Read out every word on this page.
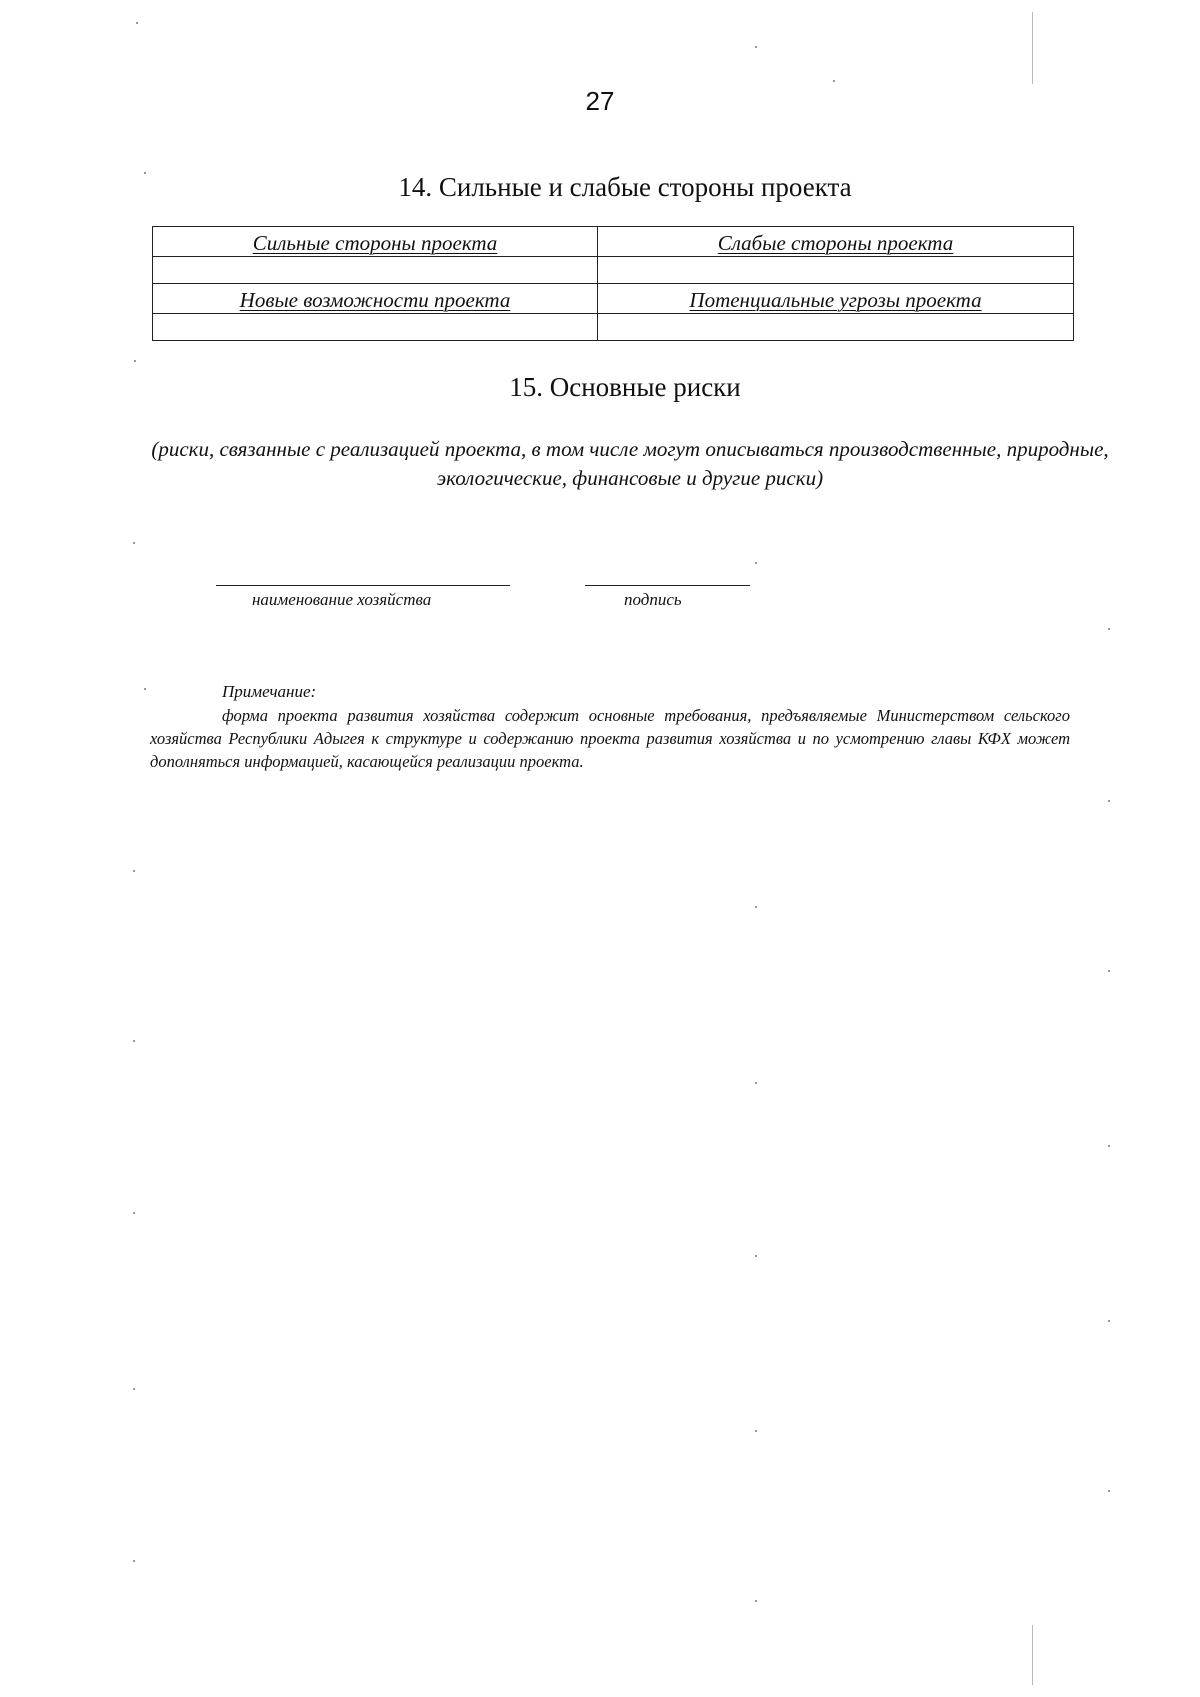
27
14. Сильные и слабые стороны проекта
Сильные стороны проекта	Слабые стороны проекта

Новые возможности проекта	Потенциальные угрозы проекта

15. Основные риски
(риски, связанные с реализацией проекта, в том числе могут описываться производственные, природные, экологические, финансовые и другие риски)
наименование хозяйства	подпись
Примечание:
форма проекта развития хозяйства содержит основные требования, предъявляемые Министерством сельского хозяйства Республики Адыгея к структуре и содержанию проекта развития хозяйства и по усмотрению главы КФХ может дополняться информацией, касающейся реализации проекта.
